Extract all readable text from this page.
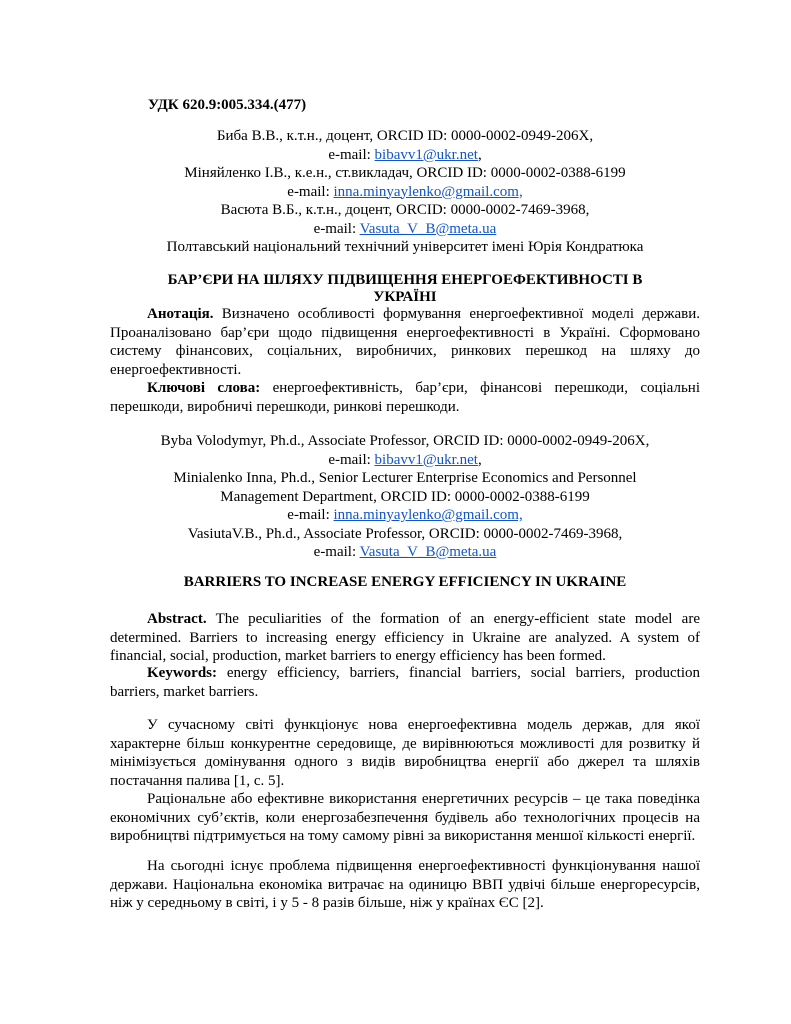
УДК 620.9:005.334.(477)
Биба В.В., к.т.н., доцент, ORCID ID: 0000-0002-0949-206Х,
e-mail: bibavv1@ukr.net,
Міняйленко І.В., к.е.н., ст.викладач, ORCID ID: 0000-0002-0388-6199
e-mail: inna.minyaylenko@gmail.com,
Васюта В.Б., к.т.н., доцент, ORCID: 0000-0002-7469-3968,
e-mail: Vasuta_V_B@meta.ua
Полтавський національний технічний університет імені Юрія Кондратюка
БАР’ЄРИ НА ШЛЯХУ ПІДВИЩЕННЯ ЕНЕРГОЕФЕКТИВНОСТІ В
УКРАЇНІ
Анотація. Визначено особливості формування енергоефективної моделі держави. Проаналізовано бар’єри щодо підвищення енергоефективності в Україні. Сформовано систему фінансових, соціальних, виробничих, ринкових перешкод на шляху до енергоефективності.
Ключові слова: енергоефективність, бар’єри, фінансові перешкоди, соціальні перешкоди, виробничі перешкоди, ринкові перешкоди.
Byba Volodymyr, Ph.d., Associate Professor, ORCID ID: 0000-0002-0949-206Х,
e-mail: bibavv1@ukr.net,
Minialenko Inna, Ph.d., Senior Lecturer Enterprise Economics and Personnel
Management Department, ORCID ID: 0000-0002-0388-6199
e-mail: inna.minyaylenko@gmail.com,
VasiutaV.B., Ph.d., Associate Professor, ORCID: 0000-0002-7469-3968,
e-mail: Vasuta_V_B@meta.ua
BARRIERS TO INCREASE ENERGY EFFICIENCY IN UKRAINE
Abstract. The peculiarities of the formation of an energy-efficient state model are determined. Barriers to increasing energy efficiency in Ukraine are analyzed. A system of financial, social, production, market barriers to energy efficiency has been formed.
Keywords: energy efficiency, barriers, financial barriers, social barriers, production barriers, market barriers.
У сучасному світі функціонує нова енергоефективна модель держав, для якої характерне більш конкурентне середовище, де вирівнюються можливості для розвитку й мінімізується домінування одного з видів виробництва енергії або джерел та шляхів постачання палива [1, с. 5].
Раціональне або ефективне використання енергетичних ресурсів – це така поведінка економічних суб’єктів, коли енергозабезпечення будівель або технологічних процесів на виробництві підтримується на тому самому рівні за використання меншої кількості енергії.
На сьогодні існує проблема підвищення енергоефективності функціонування нашої держави. Національна економіка витрачає на одиницю ВВП удвічі більше енергоресурсів, ніж у середньому в світі, і у 5 - 8 разів більше, ніж у країнах ЄС [2].
